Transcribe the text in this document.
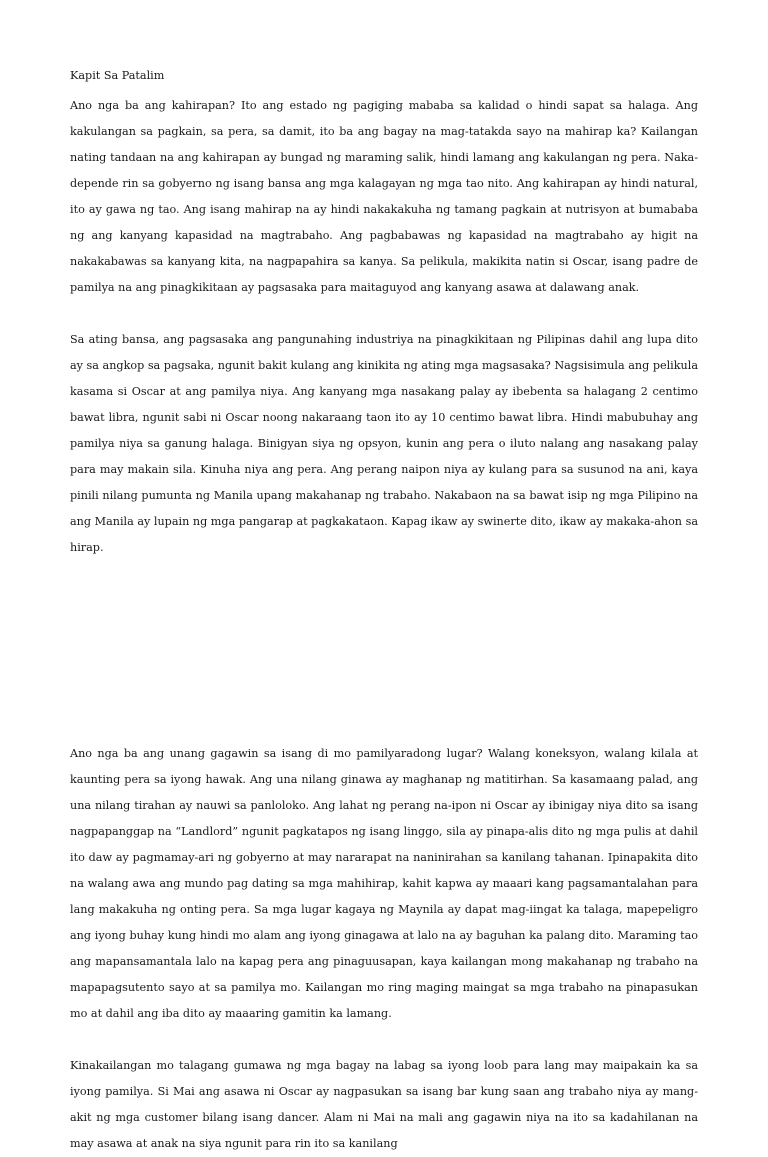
Kapit Sa Patalim

Ano nga ba ang kahirapan? Ito ang estado ng pagiging mababa sa kalidad o hindi sapat sa halaga. Ang kakulangan sa pagkain, sa pera, sa damit, ito ba ang bagay na mag-tatakda sayo na mahirap ka? Kailangan nating tandaan na ang kahirapan ay bungad ng maraming salik, hindi lamang ang kakulangan ng pera. Naka-depende rin sa gobyerno ng isang bansa ang mga kalagayan ng mga tao nito. Ang kahirapan ay hindi natural, ito ay gawa ng tao. Ang isang mahirap na ay hindi nakakakuha ng tamang pagkain at nutrisyon at bumababa ng ang kanyang kapasidad na magtrabaho. Ang pagbabawas ng kapasidad na magtrabaho ay higit na nakakabawas sa kanyang kita, na nagpapahira sa kanya. Sa pelikula, makikita natin si Oscar, isang padre de pamilya na ang pinagkikitaan ay pagsasaka para maitaguyod ang kanyang asawa at dalawang anak.

Sa ating bansa, ang pagsasaka ang pangunahing industriya na pinagkikitaan ng Pilipinas dahil ang lupa dito ay sa angkop sa pagsaka, ngunit bakit kulang ang kinikita ng ating mga magsasaka? Nagsisimula ang pelikula kasama si Oscar at ang pamilya niya. Ang kanyang mga nasakang palay ay ibebenta sa halagang 2 centimo bawat libra, ngunit sabi ni Oscar noong nakaraang taon ito ay 10 centimo bawat libra. Hindi mabubuhay ang pamilya niya sa ganung halaga. Binigyan siya ng opsyon, kunin ang pera o iluto nalang ang nasakang palay para may makain sila. Kinuha niya ang pera. Ang perang naipon niya ay kulang para sa susunod na ani, kaya pinili nilang pumunta ng Manila upang makahanap ng trabaho. Nakabaon na sa bawat isip ng mga Pilipino na ang Manila ay lupain ng mga pangarap at pagkakataon. Kapag ikaw ay swinerte dito, ikaw ay makaka-ahon sa hirap.

Ano nga ba ang unang gagawin sa isang di mo pamilyaradong lugar? Walang koneksyon, walang kilala at kaunting pera sa iyong hawak. Ang una nilang ginawa ay maghanap ng matitirhan. Sa kasamaang palad, ang una nilang tirahan ay nauwi sa panloloko. Ang lahat ng perang na-ipon ni Oscar ay ibinigay niya dito sa isang nagpapanggap na “Landlord” ngunit pagkatapos ng isang linggo, sila ay pinapa-alis dito ng mga pulis at dahil ito daw ay pagmamay-ari ng gobyerno at may nararapat na naninirahan sa kanilang tahanan. Ipinapakita dito na walang awa ang mundo pag dating sa mga mahihirap, kahit kapwa ay maaari kang pagsamantalahan para lang makakuha ng onting pera. Sa mga lugar kagaya ng Maynila ay dapat mag-iingat ka talaga, mapepeligro ang iyong buhay kung hindi mo alam ang iyong ginagawa at lalo na ay baguhan ka palang dito. Maraming tao ang mapansamantala lalo na kapag pera ang pinaguusapan, kaya kailangan mong makahanap ng trabaho na mapapagsutento sayo at sa pamilya mo. Kailangan mo ring maging maingat sa mga trabaho na pinapasukan mo at dahil ang iba dito ay maaaring gamitin ka lamang.

Kinakailangan mo talagang gumawa ng mga bagay na labag sa iyong loob para lang may maipakain ka sa iyong pamilya. Si Mai ang asawa ni Oscar ay nagpasukan sa isang bar kung saan ang trabaho niya ay mang-akit ng mga customer bilang isang dancer. Alam ni Mai na mali ang gagawin niya na ito sa kadahilanan na may asawa at anak na siya ngunit para rin ito sa kanilang
